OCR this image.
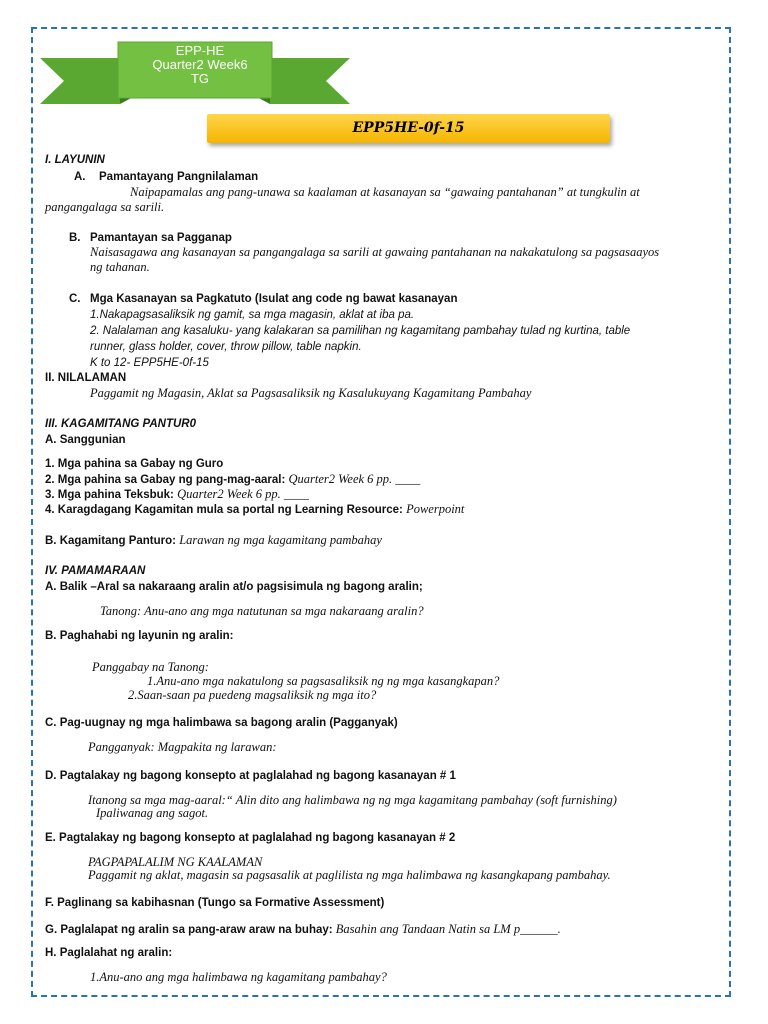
EPP-HE
Quarter2 Week6
TG
EPP5HE-0f-15
I. LAYUNIN
A. Pamantayang Pangnilalaman
Naipapamalas ang pang-unawa sa kaalaman at kasanayan sa “gawaing pantahanan” at tungkulin at
pangangalaga sa sarili.
B. Pamantayan sa Pagganap
Naisasagawa ang kasanayan sa pangangalaga sa sarili at gawaing pantahanan na nakakatulong sa pagsasaayos
ng tahanan.
C. Mga Kasanayan sa Pagkatuto (Isulat ang code ng bawat kasanayan
1.Nakapagsasaliksik ng gamit, sa mga magasin, aklat at iba pa.
2. Nalalaman ang kasaluku- yang kalakaran sa pamilihan ng kagamitang pambahay tulad ng kurtina, table
runner, glass holder, cover, throw pillow, table napkin.
K to 12- EPP5HE-0f-15
II. NILALAMAN
Paggamit ng Magasin, Aklat sa Pagsasaliksik ng Kasalukuyang Kagamitang Pambahay
III. KAGAMITANG PANTUR0
A. Sanggunian
1. Mga pahina sa Gabay ng Guro
2. Mga pahina sa Gabay ng pang-mag-aaral: Quarter2 Week 6 pp. ____
3. Mga pahina Teksbuk: Quarter2 Week 6 pp. ____
4. Karagdagang Kagamitan mula sa portal ng Learning Resource: Powerpoint
B. Kagamitang Panturo: Larawan ng mga kagamitang pambahay
IV. PAMAMARAAN
A. Balik –Aral sa nakaraang aralin at/o pagsisimula ng bagong aralin;
Tanong: Anu-ano ang mga natutunan sa mga nakaraang aralin?
B. Paghahabi ng layunin ng aralin:
Panggabay na Tanong:
1.Anu-ano mga nakatulong sa pagsasaliksik ng ng mga kasangkapan?
2.Saan-saan pa puedeng magsaliksik ng mga ito?
C. Pag-uugnay ng mga halimbawa sa bagong aralin (Pagganyak)
Pangganyak: Magpakita ng larawan:
D. Pagtalakay ng bagong konsepto at paglalahad ng bagong kasanayan # 1
Itanong sa mga mag-aaral:“ Alin dito ang halimbawa ng ng mga kagamitang pambahay (soft furnishing)
Ipaliwanag ang sagot.
E. Pagtalakay ng bagong konsepto at paglalahad ng bagong kasanayan # 2
PAGPAPALALIM NG KAALAMAN
Paggamit ng aklat, magasin sa pagsasalik at paglilista ng mga halimbawa ng kasangkapang pambahay.
F. Paglinang sa kabihasnan (Tungo sa Formative Assessment)
G. Paglalapat ng aralin sa pang-araw araw na buhay: Basahin ang Tandaan Natin sa LM p______.
H. Paglalahat ng aralin:
1.Anu-ano ang mga halimbawa ng kagamitang pambahay?
